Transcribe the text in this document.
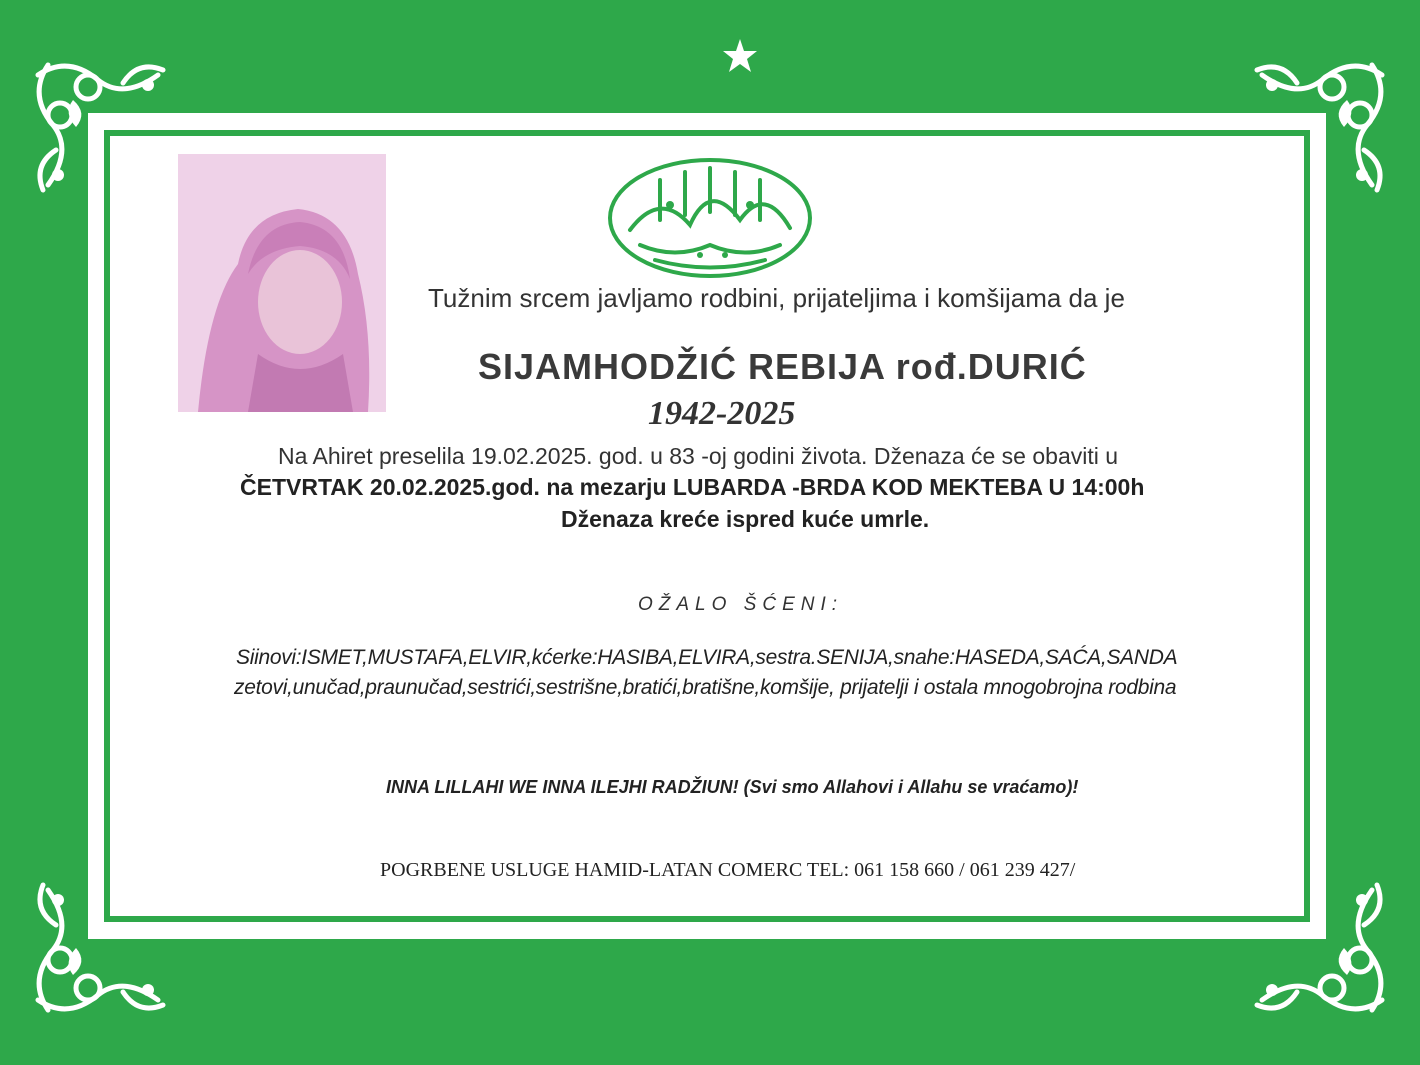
Tužnim srcem javljamo rodbini, prijateljima i komšijama da je
SIJAMHODŽIĆ REBIJA rođ.DURIĆ
1942-2025
Na Ahiret preselila 19.02.2025. god. u 83 -oj godini života. Dženaza će se obaviti u
ČETVRTAK 20.02.2025.god. na mezarju LUBARDA -BRDA KOD MEKTEBA U 14:00h
Dženaza kreće ispred kuće umrle.
OŽALO ŠĆENI:
Siinovi:ISMET,MUSTAFA,ELVIR,kćerke:HASIBA,ELVIRA,sestra.SENIJA,snahe:HASEDA,SAĆA,SANDA
zetovi,unučad,praunučad,sestrići,sestrišne,bratići,bratišne,komšije, prijatelji i ostala mnogobrojna rodbina
INNA LILLAHI WE INNA ILEJHI RADŽIUN! (Svi smo Allahovi i Allahu se vraćamo)!
POGRBENE USLUGE HAMID-LATAN COMERC TEL: 061 158 660 / 061 239 427/
